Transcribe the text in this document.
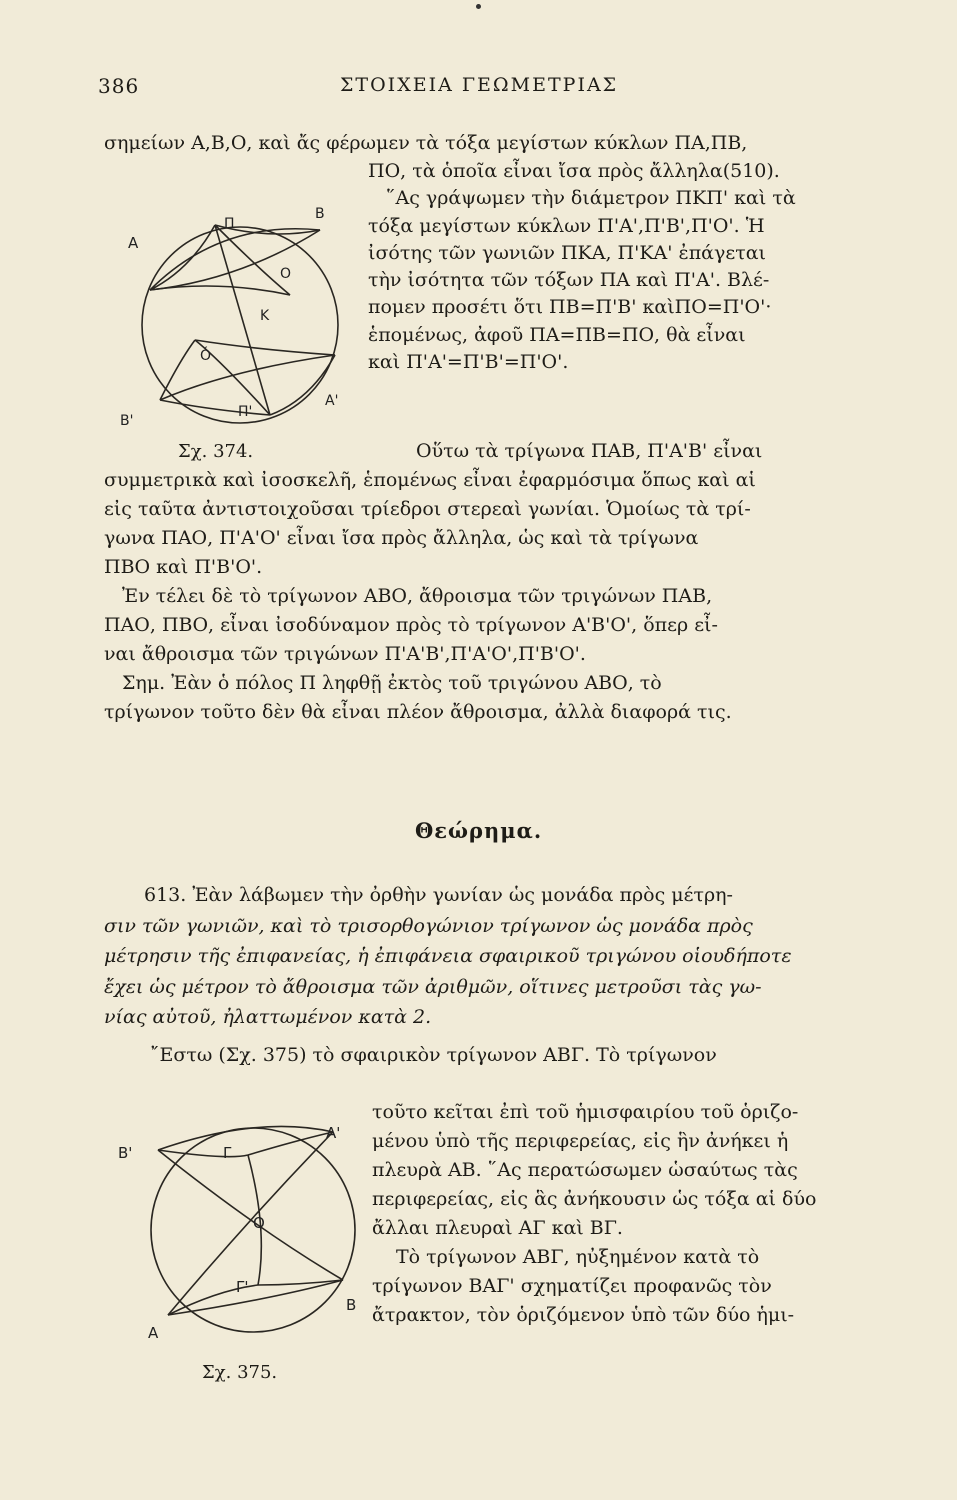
386	ΣΤΟΙΧΕΙΑ ΓΕΩΜΕΤΡΙΑΣ
σημείων Α,Β,Ο, καὶ ἄς φέρωμεν τὰ τόξα μεγίστων κύκλων ΠΑ,ΠΒ,
ΠΟ, τὰ ὁποῖα εἶναι ἴσα πρὸς ἄλληλα(510).
῞Ας γράψωμεν τὴν διάμετρον ΠΚΠ' καὶ τὰ
τόξα μεγίστων κύκλων Π'Α',Π'Β',Π'Ο'. Ἡ
ἰσότης τῶν γωνιῶν ΠΚΑ, Π'ΚΑ' ἐπάγεται
τὴν ἰσότητα τῶν τόξων ΠΑ καὶ Π'Α'. Βλέ-
πομεν προσέτι ὅτι ΠΒ=Π'Β' καὶΠΟ=Π'Ο'·
ἑπομένως, ἀφοῦ ΠΑ=ΠΒ=ΠΟ, θὰ εἶναι
καὶ Π'Α'=Π'Β'=Π'Ο'.
Α
B
Π
O
Κ
Ó
Β'
Π'
Α'
Σχ. 374.	Οὕτω τὰ τρίγωνα ΠΑΒ, Π'Α'Β' εἶναι
συμμετρικὰ καὶ ἰσοσκελῆ, ἑπομένως εἶναι ἐφαρμόσιμα ὅπως καὶ αἱ
εἰς ταῦτα ἀντιστοιχοῦσαι τρίεδροι στερεαὶ γωνίαι. Ὁμοίως τὰ τρί-
γωνα ΠΑΟ, Π'Α'Ο' εἶναι ἴσα πρὸς ἄλληλα, ὡς καὶ τὰ τρίγωνα
ΠΒΟ καὶ Π'Β'Ο'.
Ἐν τέλει δὲ τὸ τρίγωνον ΑΒΟ, ἄθροισμα τῶν τριγώνων ΠΑΒ,
ΠΑΟ, ΠΒΟ, εἶναι ἰσοδύναμον πρὸς τὸ τρίγωνον Α'Β'Ο', ὅπερ εἶ-
ναι ἄθροισμα τῶν τριγώνων Π'Α'Β',Π'Α'Ο',Π'Β'Ο'.
Σημ. Ἐὰν ὁ πόλος Π ληφθῇ ἐκτὸς τοῦ τριγώνου ΑΒΟ, τὸ
τρίγωνον τοῦτο δὲν θὰ εἶναι πλέον ἄθροισμα, ἀλλὰ διαφορά τις.
Θεώρημα.
613. Ἐὰν λάβωμεν τὴν ὀρθὴν γωνίαν ὡς μονάδα πρὸς μέτρη-
σιν τῶν γωνιῶν, καὶ τὸ τρισορθογώνιον τρίγωνον ὡς μονάδα πρὸς
μέτρησιν τῆς ἐπιφανείας, ἡ ἐπιφάνεια σφαιρικοῦ τριγώνου οἱουδήποτε
ἔχει ὡς μέτρον τὸ ἄθροισμα τῶν ἀριθμῶν, οἵτινες μετροῦσι τὰς γω-
νίας αὐτοῦ, ἠλαττωμένον κατὰ 2.
῎Εστω (Σχ. 375) τὸ σφαιρικὸν τρίγωνον ΑΒΓ. Τὸ τρίγωνον
τοῦτο κεῖται ἐπὶ τοῦ ἡμισφαιρίου τοῦ ὁριζο-
μένου ὑπὸ τῆς περιφερείας, εἰς ἣν ἀνήκει ἡ
πλευρὰ ΑΒ. ῞Ας περατώσωμεν ὡσαύτως τὰς
περιφερείας, εἰς ἃς ἀνήκουσιν ὡς τόξα αἱ δύο
ἄλλαι πλευραὶ ΑΓ καὶ ΒΓ.
Τὸ τρίγωνον ΑΒΓ, ηὐξημένον κατὰ τὸ
τρίγωνον ΒΑΓ' σχηματίζει προφανῶς τὸν
ἄτρακτον, τὸν ὁριζόμενον ὑπὸ τῶν δύο ἡμι-
B'	Γ
Α'
Ο
Γ'
B
Α
Σχ. 375.
